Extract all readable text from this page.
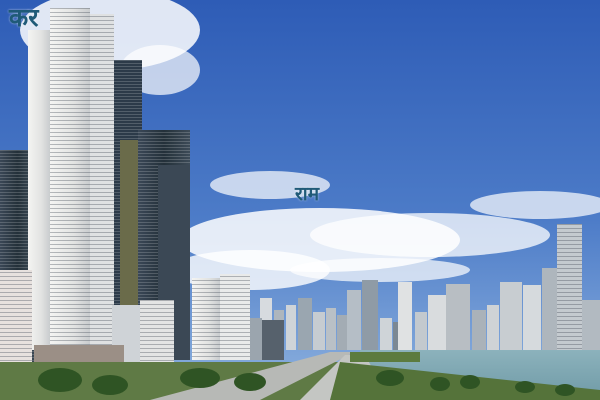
कर
राम
